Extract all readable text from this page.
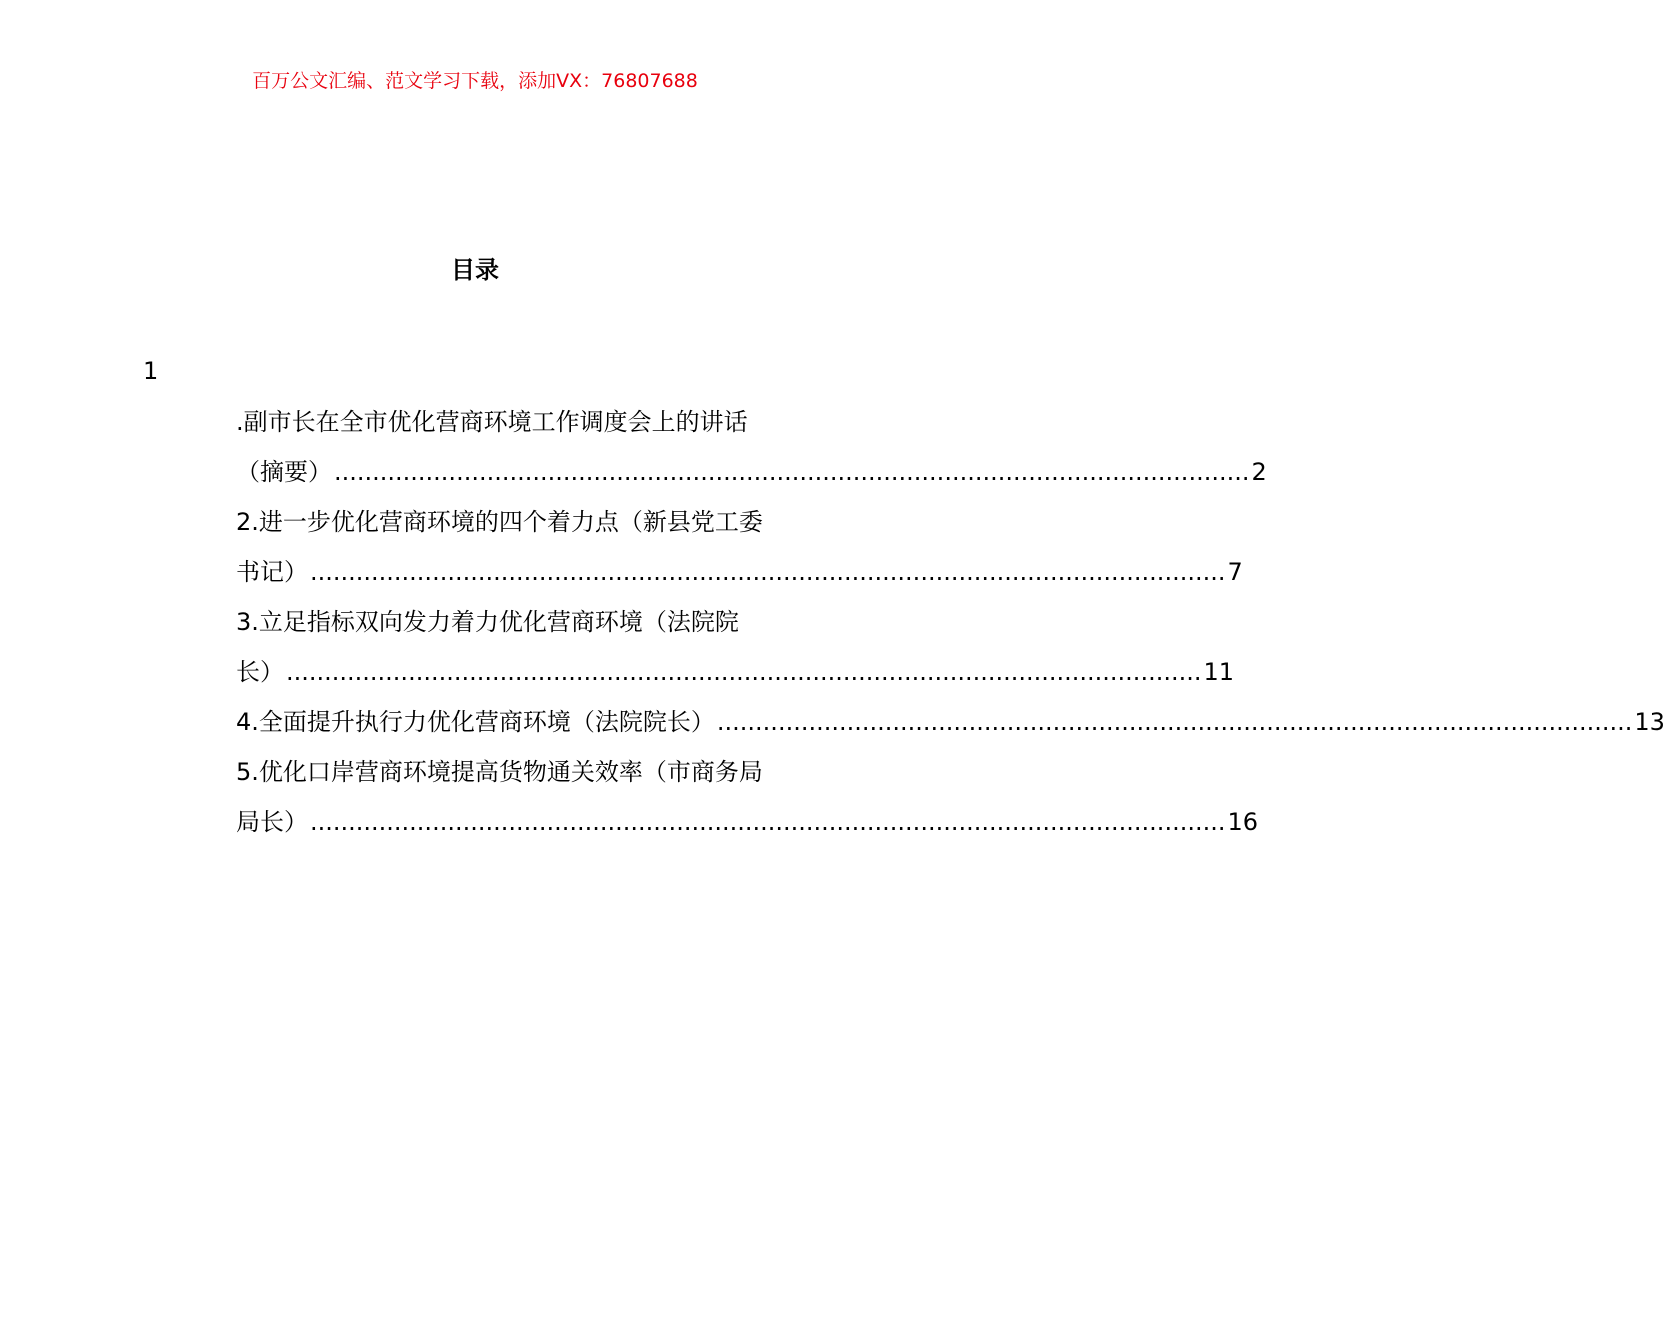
百万公文汇编、范文学习下载，添加VX：76807688
目录
1
.副市长在全市优化营商环境工作调度会上的讲话
（摘要） ........................................................................................................................ 2
2.进一步优化营商环境的四个着力点（新县党工委
书记） ........................................................................................................................ 7
3.立足指标双向发力着力优化营商环境（法院院
长） ........................................................................................................................ 11
4.全面提升执行力优化营商环境（法院院长） ........................................................................................................................ 13
5.优化口岸营商环境提高货物通关效率（市商务局
局长） ........................................................................................................................ 16
